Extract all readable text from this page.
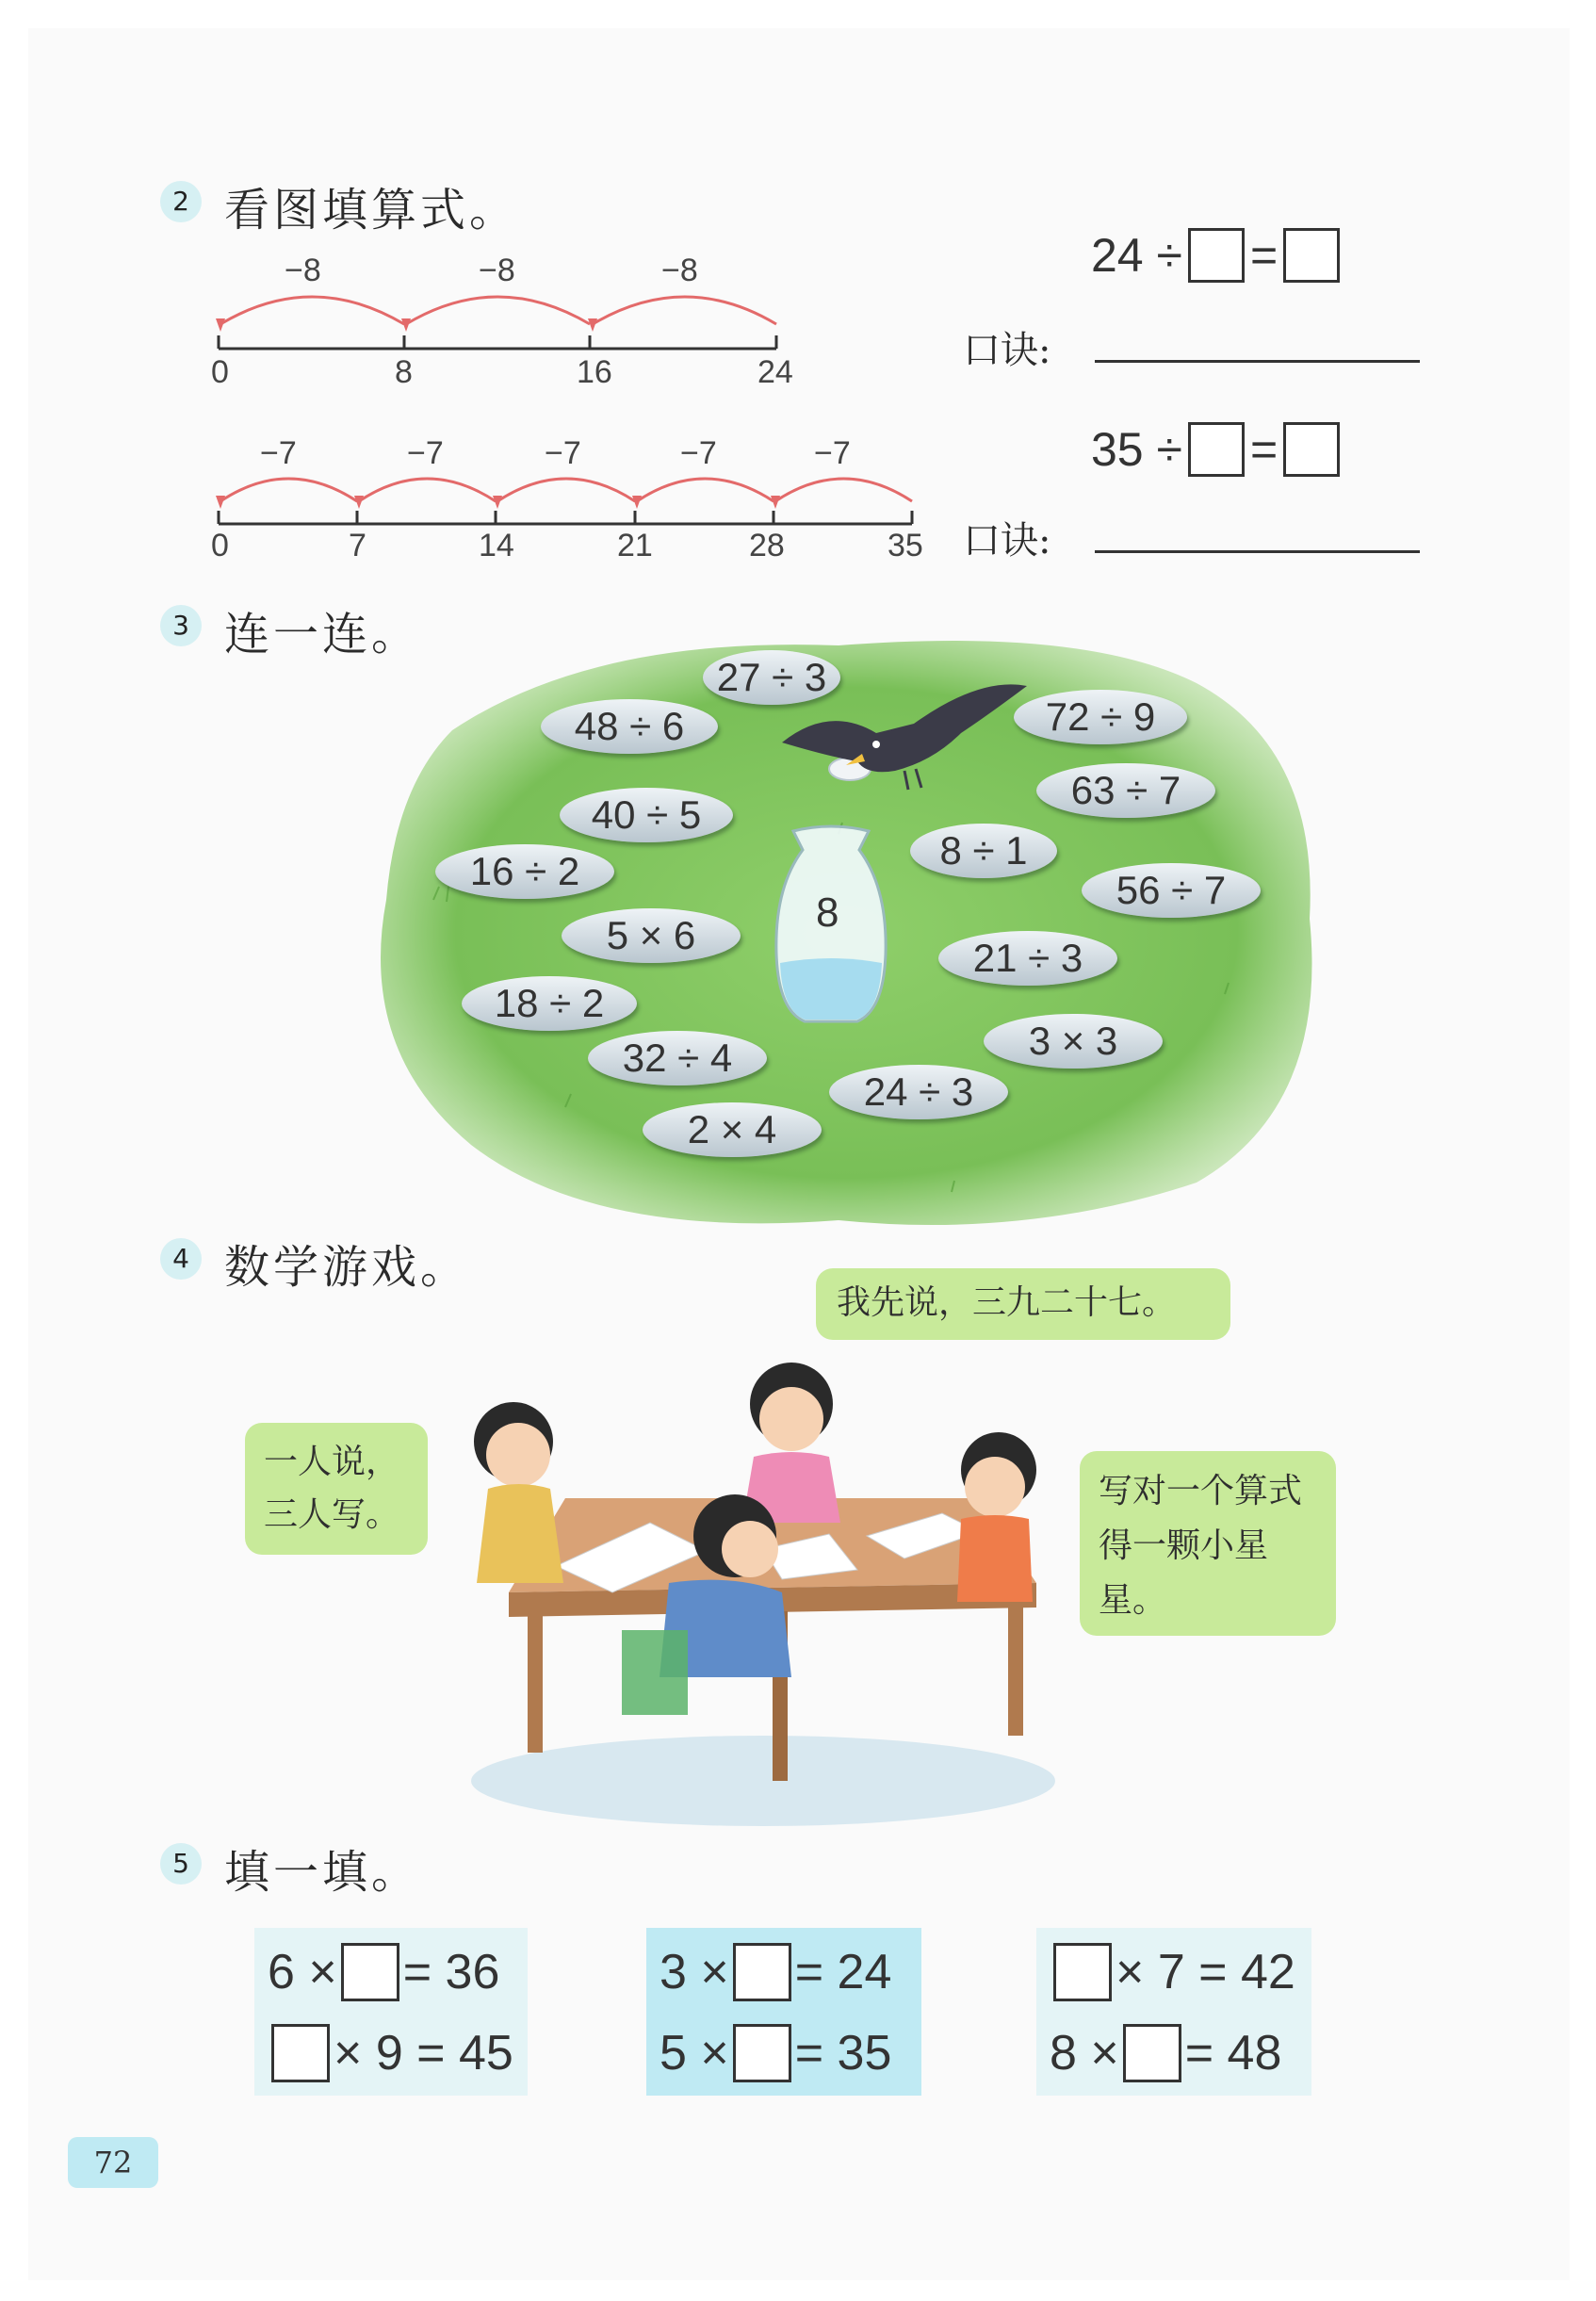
2 看图填算式。
−8	−8	−8
0	8	16	24
−7	−7	−7	−7	−7
0	7	14	21	28	35
24 ÷ =
口诀:
35 ÷ =
口诀:
3 连一连。
8
27 ÷ 3
48 ÷ 6	72 ÷ 9
63 ÷ 7
40 ÷ 5
16 ÷ 2	8 ÷ 1
56 ÷ 7
5 × 6
21 ÷ 3
18 ÷ 2
3 × 3
32 ÷ 4
24 ÷ 3
2 × 4
4 数学游戏。
我先说，三九二十七。
一人说，三人写。
写对一个算式得一颗小星星。
5 填一填。
6 × = 36
× 9 = 45
3 × = 24
5 × = 35
× 7 = 42
8 × = 48
72
